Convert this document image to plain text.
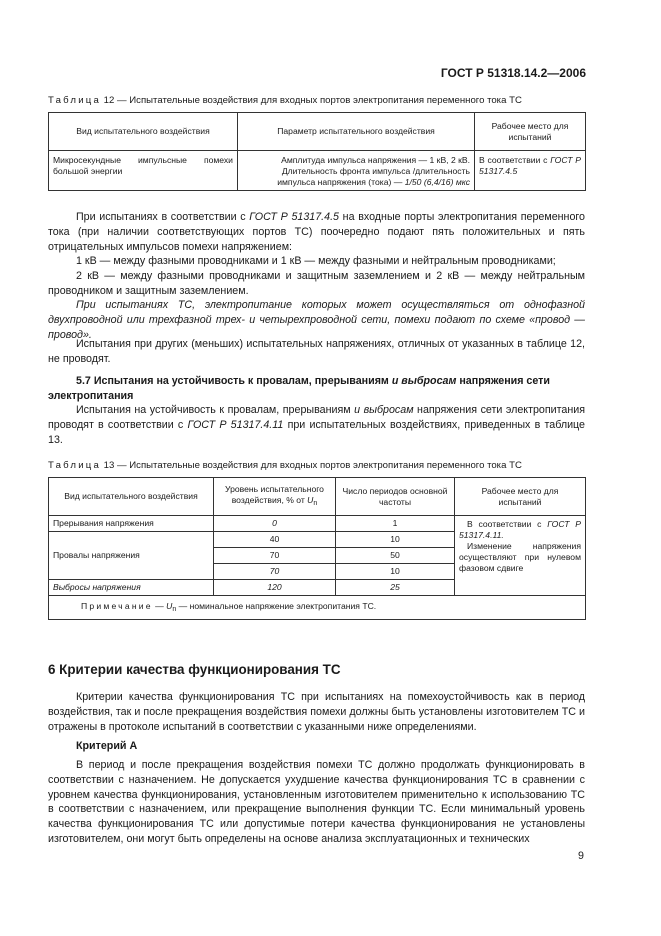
ГОСТ Р 51318.14.2—2006
Таблица 12 — Испытательные воздействия для входных портов электропитания переменного тока ТС
Вид испытательного воздействия	Параметр испытательного воздействия	Рабочее место для испытаний
Микросекундные импульсные помехи большой энергии	Амплитуда импульса напряжения — 1 кВ, 2 кВ.
Длительность фронта импульса /длительность импульса напряжения (тока) — 1/50 (6,4/16) мкс	В соответствии с ГОСТ Р 51317.4.5

При испытаниях в соответствии с ГОСТ Р 51317.4.5 на входные порты электропитания переменного тока (при наличии соответствующих портов ТС) поочередно подают пять положительных и пять отрицательных импульсов помехи напряжением:

1 кВ — между фазными проводниками и 1 кВ — между фазными и нейтральным проводниками;

2 кВ — между фазными проводниками и защитным заземлением и 2 кВ — между нейтральным проводником и защитным заземлением.

При испытаниях ТС, электропитание которых может осуществляться от однофазной двухпроводной или трехфазной трех- и четырехпроводной сети, помехи подают по схеме «провод — провод».

Испытания при других (меньших) испытательных напряжениях, отличных от указанных в таблице 12, не проводят.

5.7 Испытания на устойчивость к провалам, прерываниям и выбросам напряжения сети электропитания

Испытания на устойчивость к провалам, прерываниям и выбросам напряжения сети электропитания проводят в соответствии с ГОСТ Р 51317.4.11 при испытательных воздействиях, приведенных в таблице 13.

Таблица 13 — Испытательные воздействия для входных портов электропитания переменного тока ТС
Вид испытательного воздействия	Уровень испытательного воздействия, % от $U_n$	Число периодов основной частоты	Рабочее место для испытаний
Прерывания напряжения	0	1	В соответствии с ГОСТ Р 51317.4.11.
Изменение напряжения осуществляют при нулевом фазовом сдвиге

Провалы напряжения	40	10	
	70	50	
	70	10	
Выбросы напряжения	120	25	
Примечание — $U_n$ — номинальное напряжение электропитания ТС.			

6 Критерии качества функционирования ТС

Критерии качества функционирования ТС при испытаниях на помехоустойчивость как в период воздействия, так и после прекращения воздействия помехи должны быть установлены изготовителем ТС и отражены в протоколе испытаний в соответствии с указанными ниже определениями.

Критерий А

В период и после прекращения воздействия помехи ТС должно продолжать функционировать в соответствии с назначением. Не допускается ухудшение качества функционирования ТС в сравнении с уровнем качества функционирования, установленным изготовителем применительно к использованию ТС в соответствии с назначением, или прекращение выполнения функции ТС. Если минимальный уровень качества функционирования ТС или допустимые потери качества функционирования не установлены изготовителем, они могут быть определены на основе анализа эксплуатационных и технических

9
